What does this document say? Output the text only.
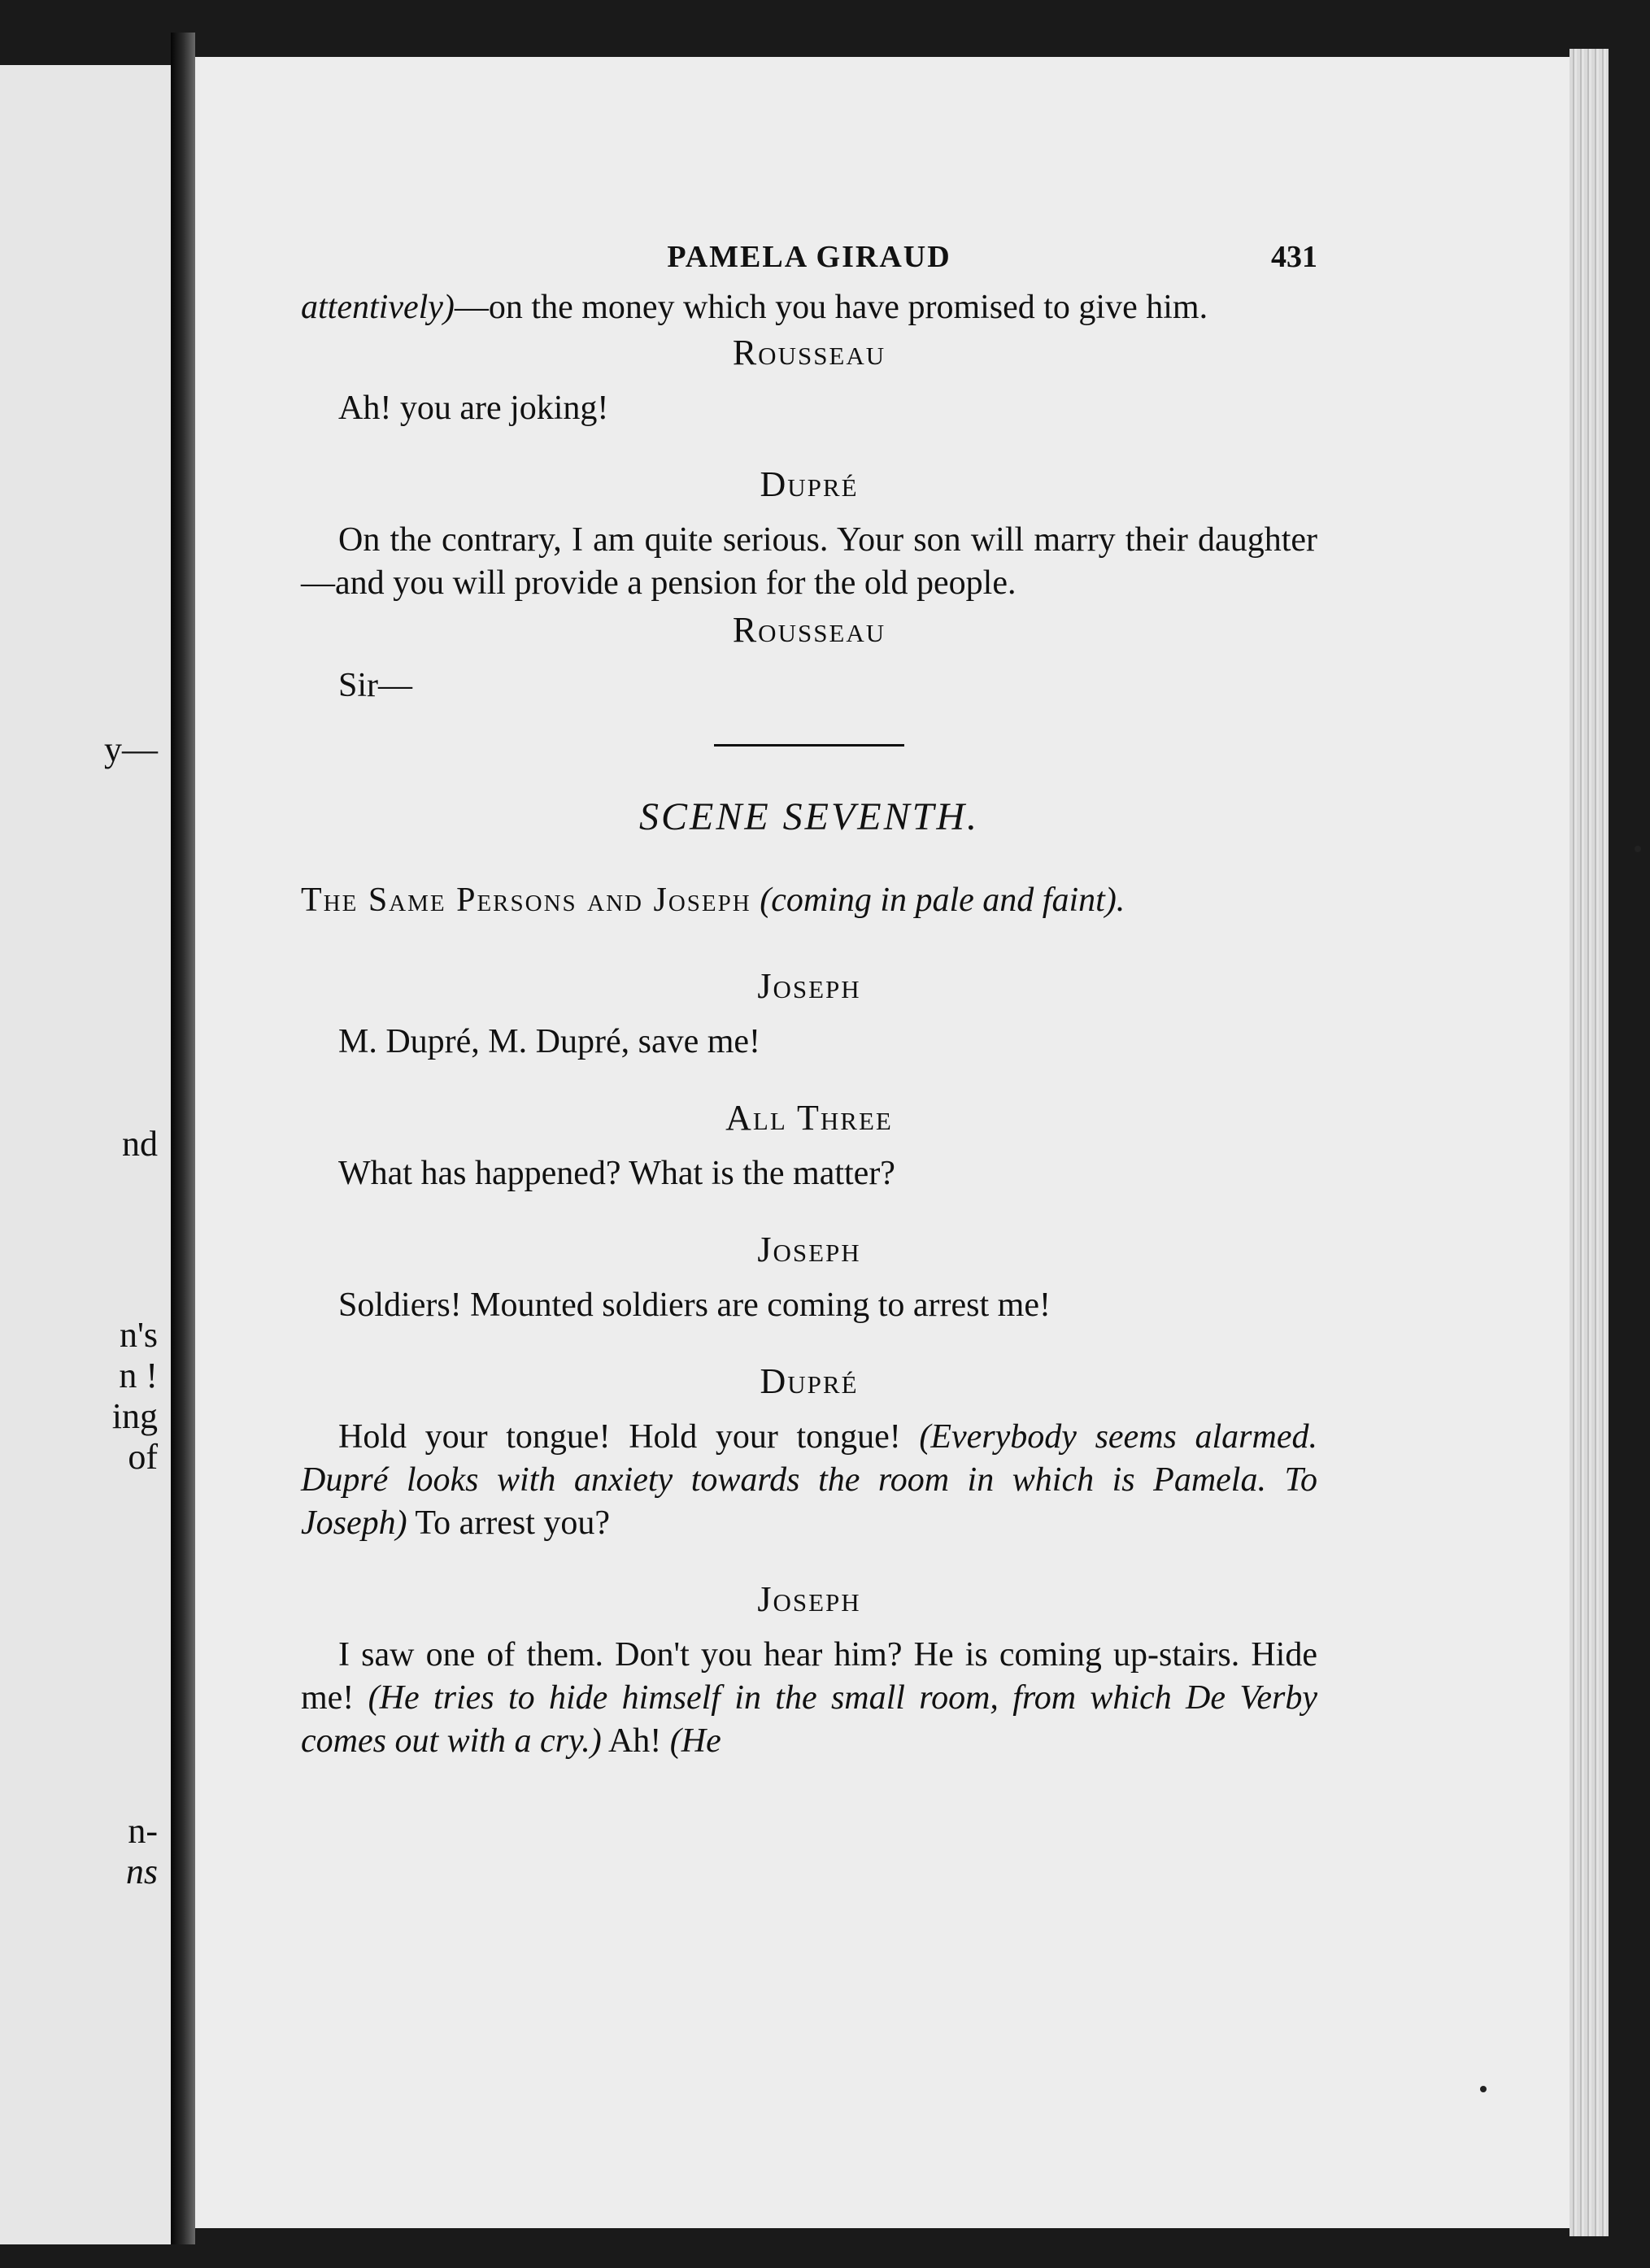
y—
nd
n's
n !
ing
of
n-
ns
PAMELA GIRAUD	431

attentively)—on the money which you have promised to give him.

Rousseau

Ah! you are joking!

Dupré

On the contrary, I am quite serious. Your son will marry their daughter—and you will provide a pension for the old people.

Rousseau

Sir—

SCENE SEVENTH.

The Same Persons and Joseph (coming in pale and faint).

Joseph

M. Dupré, M. Dupré, save me!

All Three

What has happened? What is the matter?

Joseph

Soldiers! Mounted soldiers are coming to arrest me!

Dupré

Hold your tongue! Hold your tongue! (Everybody seems alarmed. Dupré looks with anxiety towards the room in which is Pamela. To Joseph) To arrest you?

Joseph

I saw one of them. Don't you hear him? He is coming up-stairs. Hide me! (He tries to hide himself in the small room, from which De Verby comes out with a cry.) Ah! (He
